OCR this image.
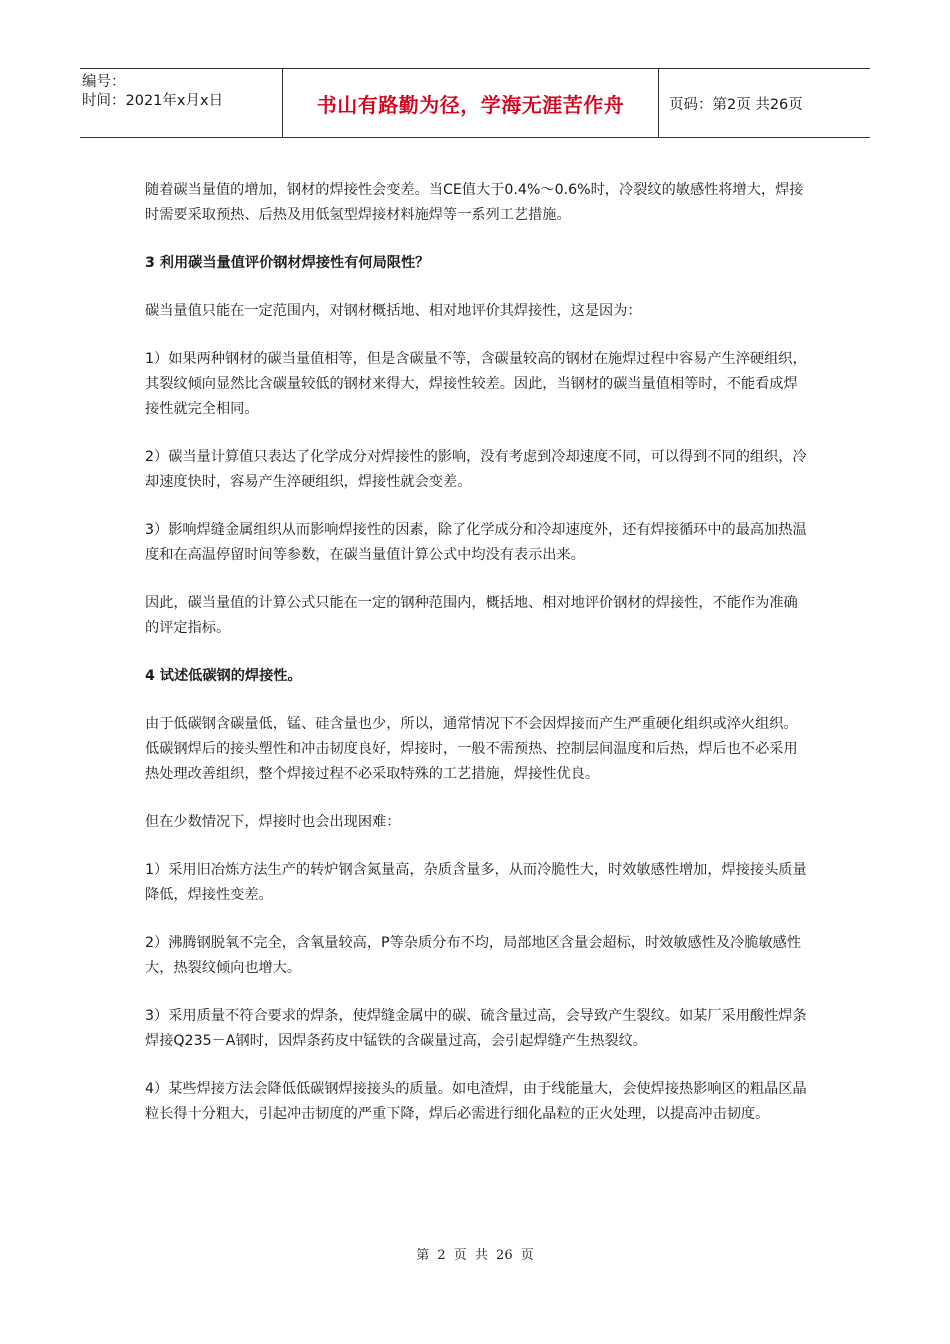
编号：
时间：2021年x月x日	书山有路勤为径，学海无涯苦作舟	页码：第2页 共26页

随着碳当量值的增加，钢材的焊接性会变差。当CE值大于0.4%～0.6%时，冷裂纹的敏感性将增大，焊接时需要采取预热、后热及用低氢型焊接材料施焊等一系列工艺措施。

3 利用碳当量值评价钢材焊接性有何局限性？

碳当量值只能在一定范围内，对钢材概括地、相对地评价其焊接性，这是因为：

1）如果两种钢材的碳当量值相等，但是含碳量不等，含碳量较高的钢材在施焊过程中容易产生淬硬组织，其裂纹倾向显然比含碳量较低的钢材来得大，焊接性较差。因此，当钢材的碳当量值相等时，不能看成焊接性就完全相同。

2）碳当量计算值只表达了化学成分对焊接性的影响，没有考虑到冷却速度不同，可以得到不同的组织，冷却速度快时，容易产生淬硬组织，焊接性就会变差。

3）影响焊缝金属组织从而影响焊接性的因素，除了化学成分和冷却速度外，还有焊接循环中的最高加热温度和在高温停留时间等参数，在碳当量值计算公式中均没有表示出来。

因此，碳当量值的计算公式只能在一定的钢种范围内，概括地、相对地评价钢材的焊接性，不能作为准确的评定指标。

4 试述低碳钢的焊接性。

由于低碳钢含碳量低，锰、硅含量也少，所以，通常情况下不会因焊接而产生严重硬化组织或淬火组织。低碳钢焊后的接头塑性和冲击韧度良好，焊接时，一般不需预热、控制层间温度和后热，焊后也不必采用热处理改善组织，整个焊接过程不必采取特殊的工艺措施，焊接性优良。

但在少数情况下，焊接时也会出现困难：

1）采用旧冶炼方法生产的转炉钢含氮量高，杂质含量多，从而冷脆性大，时效敏感性增加，焊接接头质量降低，焊接性变差。

2）沸腾钢脱氧不完全，含氧量较高，P等杂质分布不均，局部地区含量会超标，时效敏感性及冷脆敏感性大，热裂纹倾向也增大。

3）采用质量不符合要求的焊条，使焊缝金属中的碳、硫含量过高，会导致产生裂纹。如某厂采用酸性焊条焊接Q235－A钢时，因焊条药皮中锰铁的含碳量过高，会引起焊缝产生热裂纹。

4）某些焊接方法会降低低碳钢焊接接头的质量。如电渣焊，由于线能量大，会使焊接热影响区的粗晶区晶粒长得十分粗大，引起冲击韧度的严重下降，焊后必需进行细化晶粒的正火处理，以提高冲击韧度。

第 2 页 共 26 页
